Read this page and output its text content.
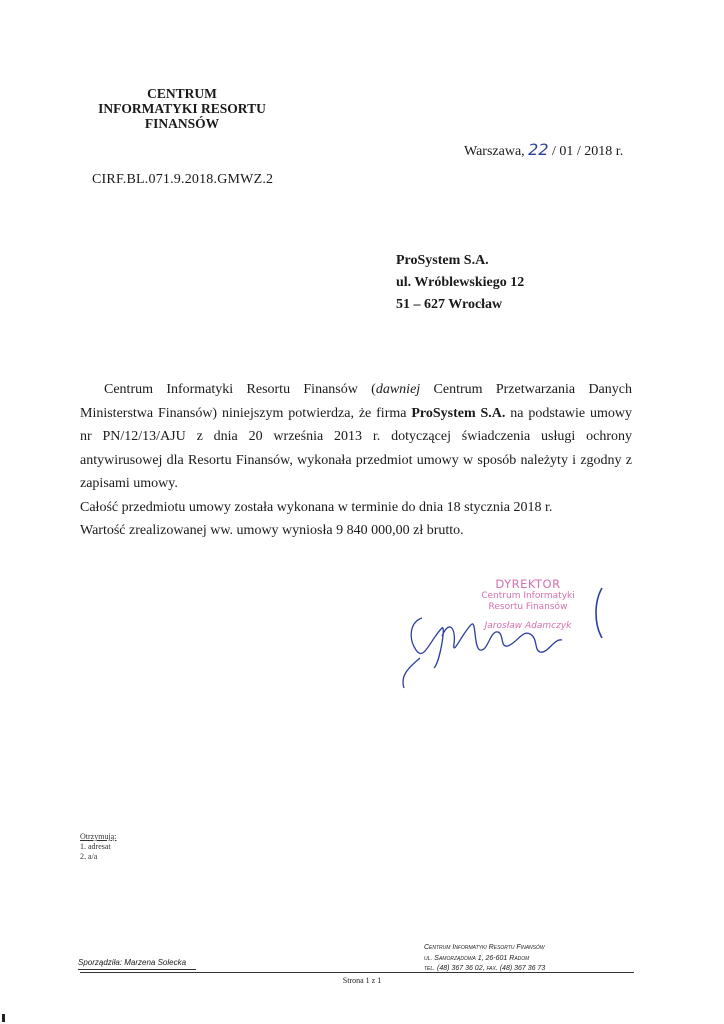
CENTRUM
INFORMATYKI RESORTU
FINANSÓW
Warszawa, 22 / 01 / 2018 r.
CIRF.BL.071.9.2018.GMWZ.2
ProSystem S.A.
ul. Wróblewskiego 12
51 – 627 Wrocław

Centrum Informatyki Resortu Finansów (dawniej Centrum Przetwarzania Danych Ministerstwa Finansów) niniejszym potwierdza, że firma ProSystem S.A. na podstawie umowy nr PN/12/13/AJU z dnia 20 września 2013 r. dotyczącej świadczenia usługi ochrony antywirusowej dla Resortu Finansów, wykonała przedmiot umowy w sposób należyty i zgodny z zapisami umowy.

Całość przedmiotu umowy została wykonana w terminie do dnia 18 stycznia 2018 r.

Wartość zrealizowanej ww. umowy wyniosła 9 840 000,00 zł brutto.

DYREKTOR
Centrum Informatyki
Resortu Finansów
Jarosław Adamczyk
Otrzymują:
1. adresat
2. a/a
Sporządziła: Marzena Solecka
Centrum Informatyki Resortu Finansów
ul. Samorządowa 1, 26-601 Radom
tel. (48) 367 36 02, fax. (48) 367 36 73
Strona 1 z 1
